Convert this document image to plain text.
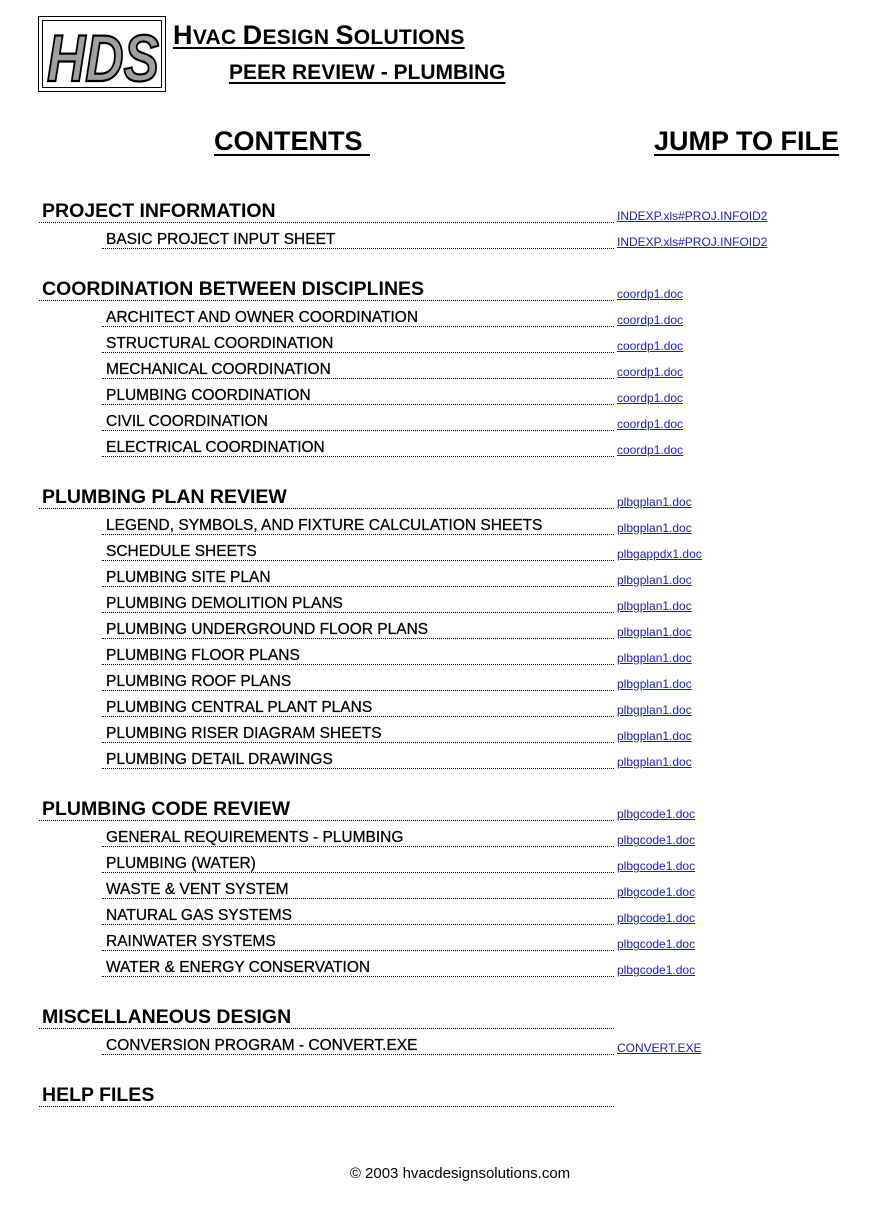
HDS HVAC DESIGN SOLUTIONS
PEER REVIEW - PLUMBING
CONTENTS	JUMP TO FILE
PROJECT INFORMATION	INDEXP.xls#PROJ.INFOID2
BASIC PROJECT INPUT SHEET	INDEXP.xls#PROJ.INFOID2
COORDINATION BETWEEN DISCIPLINES	coordp1.doc
ARCHITECT AND OWNER COORDINATION	coordp1.doc
STRUCTURAL COORDINATION	coordp1.doc
MECHANICAL COORDINATION	coordp1.doc
PLUMBING COORDINATION	coordp1.doc
CIVIL COORDINATION	coordp1.doc
ELECTRICAL COORDINATION	coordp1.doc
PLUMBING PLAN REVIEW	plbgplan1.doc
LEGEND, SYMBOLS, AND FIXTURE CALCULATION SHEETS	plbgplan1.doc
SCHEDULE SHEETS	plbgappdx1.doc
PLUMBING SITE PLAN	plbgplan1.doc
PLUMBING DEMOLITION PLANS	plbgplan1.doc
PLUMBING UNDERGROUND FLOOR PLANS	plbgplan1.doc
PLUMBING FLOOR PLANS	plbgplan1.doc
PLUMBING ROOF PLANS	plbgplan1.doc
PLUMBING CENTRAL PLANT PLANS	plbgplan1.doc
PLUMBING RISER DIAGRAM SHEETS	plbgplan1.doc
PLUMBING DETAIL DRAWINGS	plbgplan1.doc
PLUMBING CODE REVIEW	plbgcode1.doc
GENERAL REQUIREMENTS - PLUMBING	plbgcode1.doc
PLUMBING (WATER)	plbgcode1.doc
WASTE & VENT SYSTEM	plbgcode1.doc
NATURAL GAS SYSTEMS	plbgcode1.doc
RAINWATER SYSTEMS	plbgcode1.doc
WATER & ENERGY CONSERVATION	plbgcode1.doc
MISCELLANEOUS DESIGN
CONVERSION PROGRAM - CONVERT.EXE	CONVERT.EXE
HELP FILES
© 2003 hvacdesignsolutions.com
